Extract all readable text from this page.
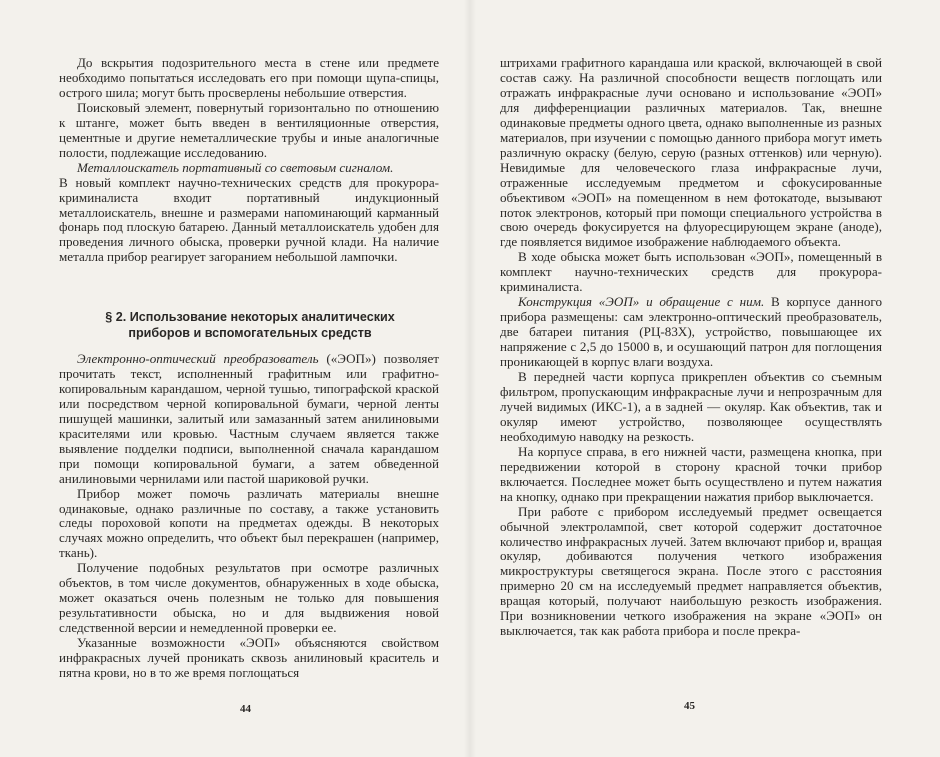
До вскрытия подозрительного места в стене или предмете необходимо попытаться исследовать его при помощи щупа-спицы, острого шила; могут быть просверлены небольшие отверстия.

Поисковый элемент, повернутый горизонтально по отношению к штанге, может быть введен в вентиляционные отверстия, цементные и другие неметаллические трубы и иные аналогичные полости, подлежащие исследованию.

Металлоискатель портативный со световым сигналом.

В новый комплект научно-технических средств для прокурора-криминалиста входит портативный индукционный металлоискатель, внешне и размерами напоминающий карманный фонарь под плоскую батарею. Данный металлоискатель удобен для проведения личного обыска, проверки ручной клади. На наличие металла прибор реагирует загоранием небольшой лампочки.

§ 2. Использование некоторых аналитических
приборов и вспомогательных средств

Электронно-оптический преобразователь («ЭОП») позволяет прочитать текст, исполненный графитным или графитно-копировальным карандашом, черной тушью, типографской краской или посредством черной копировальной бумаги, черной ленты пишущей машинки, залитый или замазанный затем анилиновыми красителями или кровью. Частным случаем является также выявление подделки подписи, выполненной сначала карандашом при помощи копировальной бумаги, а затем обведенной анилиновыми чернилами или пастой шариковой ручки.

Прибор может помочь различать материалы внешне одинаковые, однако различные по составу, а также установить следы пороховой копоти на предметах одежды. В некоторых случаях можно определить, что объект был перекрашен (например, ткань).

Получение подобных результатов при осмотре различных объектов, в том числе документов, обнаруженных в ходе обыска, может оказаться очень полезным не только для повышения результативности обыска, но и для выдвижения новой следственной версии и немедленной проверки ее.

Указанные возможности «ЭОП» объясняются свойством инфракрасных лучей проникать сквозь анилиновый краситель и пятна крови, но в то же время поглощаться

44

штрихами графитного карандаша или краской, включающей в свой состав сажу. На различной способности веществ поглощать или отражать инфракрасные лучи основано и использование «ЭОП» для дифференциации различных материалов. Так, внешне одинаковые предметы одного цвета, однако выполненные из разных материалов, при изучении с помощью данного прибора могут иметь различную окраску (белую, серую (разных оттенков) или черную). Невидимые для человеческого глаза инфракрасные лучи, отраженные исследуемым предметом и сфокусированные объективом «ЭОП» на помещенном в нем фотокатоде, вызывают поток электронов, который при помощи специального устройства в свою очередь фокусируется на флуоресцирующем экране (аноде), где появляется видимое изображение наблюдаемого объекта.

В ходе обыска может быть использован «ЭОП», помещенный в комплект научно-технических средств для прокурора-криминалиста.

Конструкция «ЭОП» и обращение с ним. В корпусе данного прибора размещены: сам электронно-оптический преобразователь, две батареи питания (РЦ-83Х), устройство, повышающее их напряжение с 2,5 до 15000 в, и осушающий патрон для поглощения проникающей в корпус влаги воздуха.

В передней части корпуса прикреплен объектив со съемным фильтром, пропускающим инфракрасные лучи и непрозрачным для лучей видимых (ИКС-1), а в задней — окуляр. Как объектив, так и окуляр имеют устройство, позволяющее осуществлять необходимую наводку на резкость.

На корпусе справа, в его нижней части, размещена кнопка, при передвижении которой в сторону красной точки прибор включается. Последнее может быть осуществлено и путем нажатия на кнопку, однако при прекращении нажатия прибор выключается.

При работе с прибором исследуемый предмет освещается обычной электролампой, свет которой содержит достаточное количество инфракрасных лучей. Затем включают прибор и, вращая окуляр, добиваются получения четкого изображения микроструктуры светящегося экрана. После этого с расстояния примерно 20 см на исследуемый предмет направляется объектив, вращая который, получают наибольшую резкость изображения. При возникновении четкого изображения на экране «ЭОП» он выключается, так как работа прибора и после прекра-

45
